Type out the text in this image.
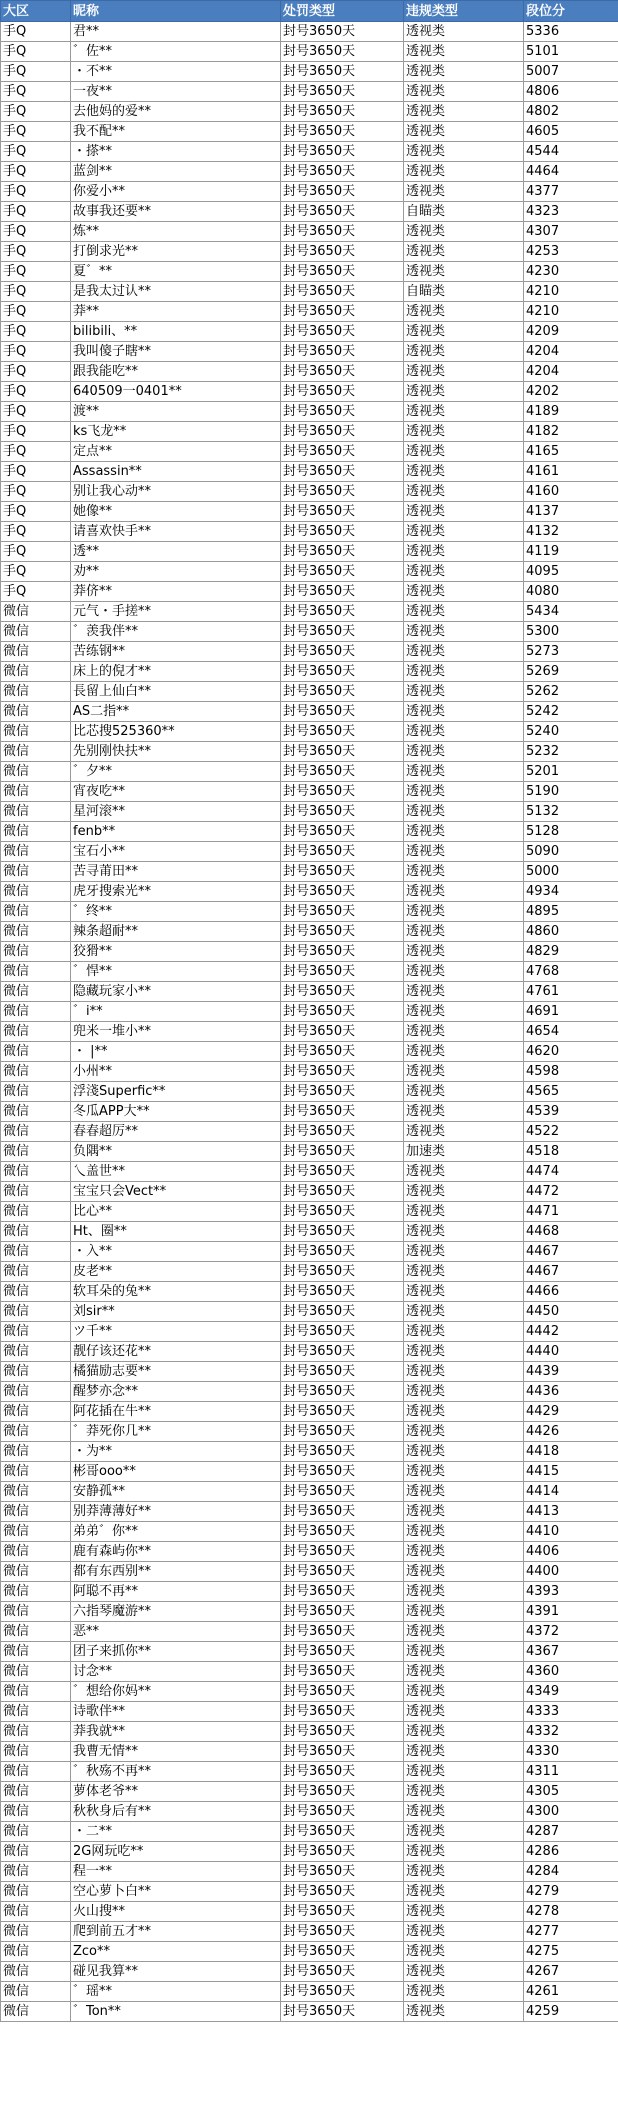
大区	昵称	处罚类型	违规类型	段位分
手Q	君**	封号3650天	透视类	5336
手Q	゛佐**	封号3650天	透视类	5101
手Q	・不**	封号3650天	透视类	5007
手Q	一夜**	封号3650天	透视类	4806
手Q	去他妈的爱**	封号3650天	透视类	4802
手Q	我不配**	封号3650天	透视类	4605
手Q	・搽**	封号3650天	透视类	4544
手Q	蓝剑**	封号3650天	透视类	4464
手Q	你爱小**	封号3650天	透视类	4377
手Q	故事我还要**	封号3650天	自瞄类	4323
手Q	炼**	封号3650天	透视类	4307
手Q	打倒求光**	封号3650天	透视类	4253
手Q	夏゛**	封号3650天	透视类	4230
手Q	是我太过认**	封号3650天	自瞄类	4210
手Q	莽**	封号3650天	透视类	4210
手Q	bilibili、**	封号3650天	透视类	4209
手Q	我叫傻子瞎**	封号3650天	透视类	4204
手Q	跟我能吃**	封号3650天	透视类	4204
手Q	640509一0401**	封号3650天	透视类	4202
手Q	渡**	封号3650天	透视类	4189
手Q	ks飞龙**	封号3650天	透视类	4182
手Q	定点**	封号3650天	透视类	4165
手Q	Assassin**	封号3650天	透视类	4161
手Q	别让我心动**	封号3650天	透视类	4160
手Q	她像**	封号3650天	透视类	4137
手Q	请喜欢快手**	封号3650天	透视类	4132
手Q	透**	封号3650天	透视类	4119
手Q	劝**	封号3650天	透视类	4095
手Q	莽侪**	封号3650天	透视类	4080
微信	元气・手搓**	封号3650天	透视类	5434
微信	゛羡我伴**	封号3650天	透视类	5300
微信	苦练钢**	封号3650天	透视类	5273
微信	床上的倪才**	封号3650天	透视类	5269
微信	長留上仙白**	封号3650天	透视类	5262
微信	AS二指**	封号3650天	透视类	5242
微信	比芯搜525360**	封号3650天	透视类	5240
微信	先别刚快扶**	封号3650天	透视类	5232
微信	゛夕**	封号3650天	透视类	5201
微信	宵夜吃**	封号3650天	透视类	5190
微信	星河滚**	封号3650天	透视类	5132
微信	fenb**	封号3650天	透视类	5128
微信	宝石小**	封号3650天	透视类	5090
微信	苦寻莆田**	封号3650天	透视类	5000
微信	虎牙搜索光**	封号3650天	透视类	4934
微信	゛终**	封号3650天	透视类	4895
微信	辣条超耐**	封号3650天	透视类	4860
微信	狡猾**	封号3650天	透视类	4829
微信	゛悍**	封号3650天	透视类	4768
微信	隐藏玩家小**	封号3650天	透视类	4761
微信	゛i**	封号3650天	透视类	4691
微信	兜米一堆小**	封号3650天	透视类	4654
微信	・ |**	封号3650天	透视类	4620
微信	小州**	封号3650天	透视类	4598
微信	浮淺Superfic**	封号3650天	透视类	4565
微信	冬瓜APP大**	封号3650天	透视类	4539
微信	春春超厉**	封号3650天	透视类	4522
微信	负隅**	封号3650天	加速类	4518
微信	乀盖世**	封号3650天	透视类	4474
微信	宝宝只会Vect**	封号3650天	透视类	4472
微信	比心**	封号3650天	透视类	4471
微信	Ht、圈**	封号3650天	透视类	4468
微信	・入**	封号3650天	透视类	4467
微信	皮老**	封号3650天	透视类	4467
微信	软耳朵的兔**	封号3650天	透视类	4466
微信	刘sir**	封号3650天	透视类	4450
微信	ツ千**	封号3650天	透视类	4442
微信	靓仔该还花**	封号3650天	透视类	4440
微信	橘猫励志要**	封号3650天	透视类	4439
微信	醒梦亦念**	封号3650天	透视类	4436
微信	阿花插在牛**	封号3650天	透视类	4429
微信	゛莽死你几**	封号3650天	透视类	4426
微信	・为**	封号3650天	透视类	4418
微信	彬哥ooo**	封号3650天	透视类	4415
微信	安静孤**	封号3650天	透视类	4414
微信	别莽薄薄好**	封号3650天	透视类	4413
微信	弟弟゛你**	封号3650天	透视类	4410
微信	鹿有森屿你**	封号3650天	透视类	4406
微信	都有东西别**	封号3650天	透视类	4400
微信	阿聪不再**	封号3650天	透视类	4393
微信	六指琴魔游**	封号3650天	透视类	4391
微信	恶**	封号3650天	透视类	4372
微信	团子来抓你**	封号3650天	透视类	4367
微信	讨念**	封号3650天	透视类	4360
微信	゛想给你妈**	封号3650天	透视类	4349
微信	诗歌伴**	封号3650天	透视类	4333
微信	莽我就**	封号3650天	透视类	4332
微信	我曹无情**	封号3650天	透视类	4330
微信	゛秋殇不再**	封号3650天	透视类	4311
微信	萝体老爷**	封号3650天	透视类	4305
微信	秋秋身后有**	封号3650天	透视类	4300
微信	・二**	封号3650天	透视类	4287
微信	2G网玩吃**	封号3650天	透视类	4286
微信	程一**	封号3650天	透视类	4284
微信	空心萝卜白**	封号3650天	透视类	4279
微信	火山搜**	封号3650天	透视类	4278
微信	爬到前五才**	封号3650天	透视类	4277
微信	Zco**	封号3650天	透视类	4275
微信	碰见我算**	封号3650天	透视类	4267
微信	゛瑶**	封号3650天	透视类	4261
微信	゛Ton**	封号3650天	透视类	4259
